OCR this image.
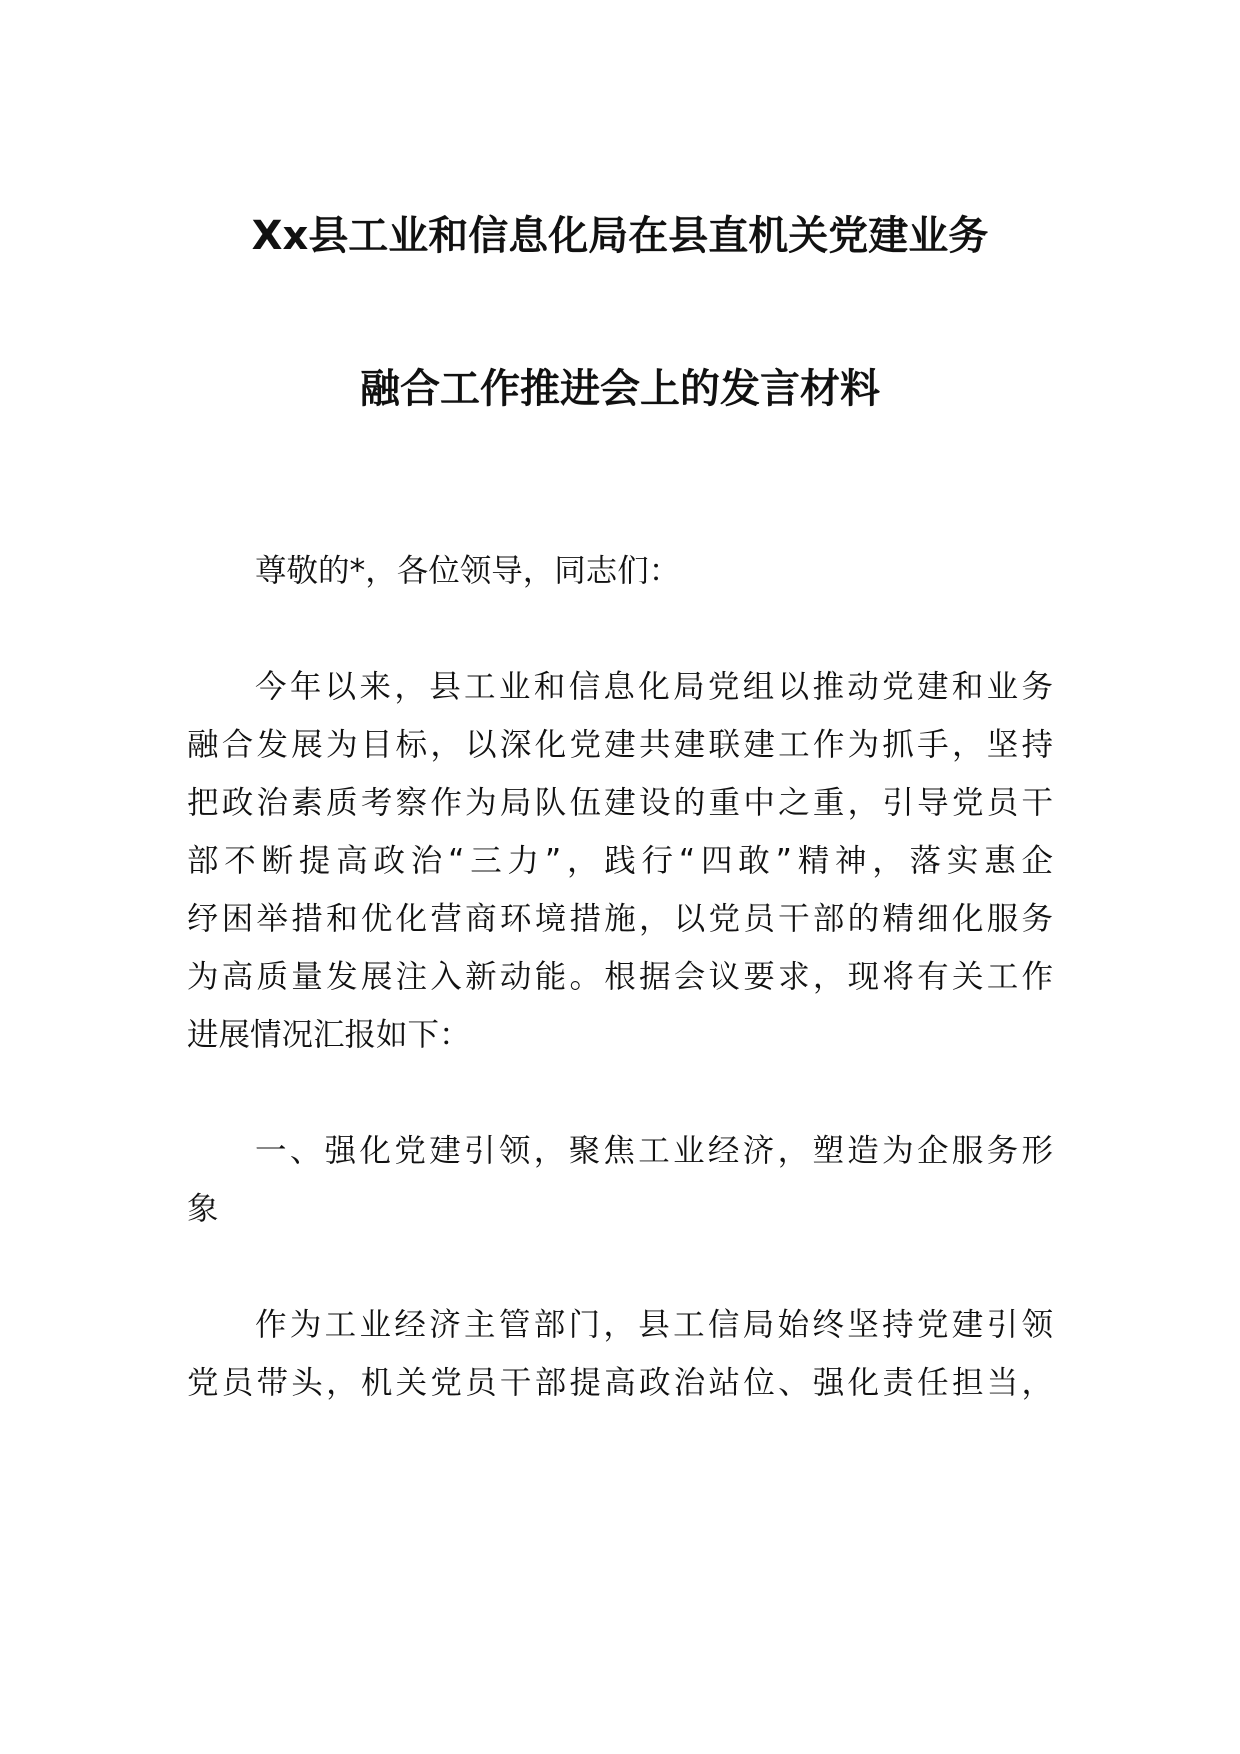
Xx县工业和信息化局在县直机关党建业务
融合工作推进会上的发言材料
尊敬的*，各位领导，同志们：
今年以来，县工业和信息化局党组以推动党建和业务
融合发展为目标，以深化党建共建联建工作为抓手，坚持
把政治素质考察作为局队伍建设的重中之重，引导党员干
部不断提高政治“三力”，践行“四敢”精神，落实惠企
纾困举措和优化营商环境措施，以党员干部的精细化服务
为高质量发展注入新动能。根据会议要求，现将有关工作
进展情况汇报如下：
一、强化党建引领，聚焦工业经济，塑造为企服务形
象
作为工业经济主管部门，县工信局始终坚持党建引领
党员带头，机关党员干部提高政治站位、强化责任担当，
